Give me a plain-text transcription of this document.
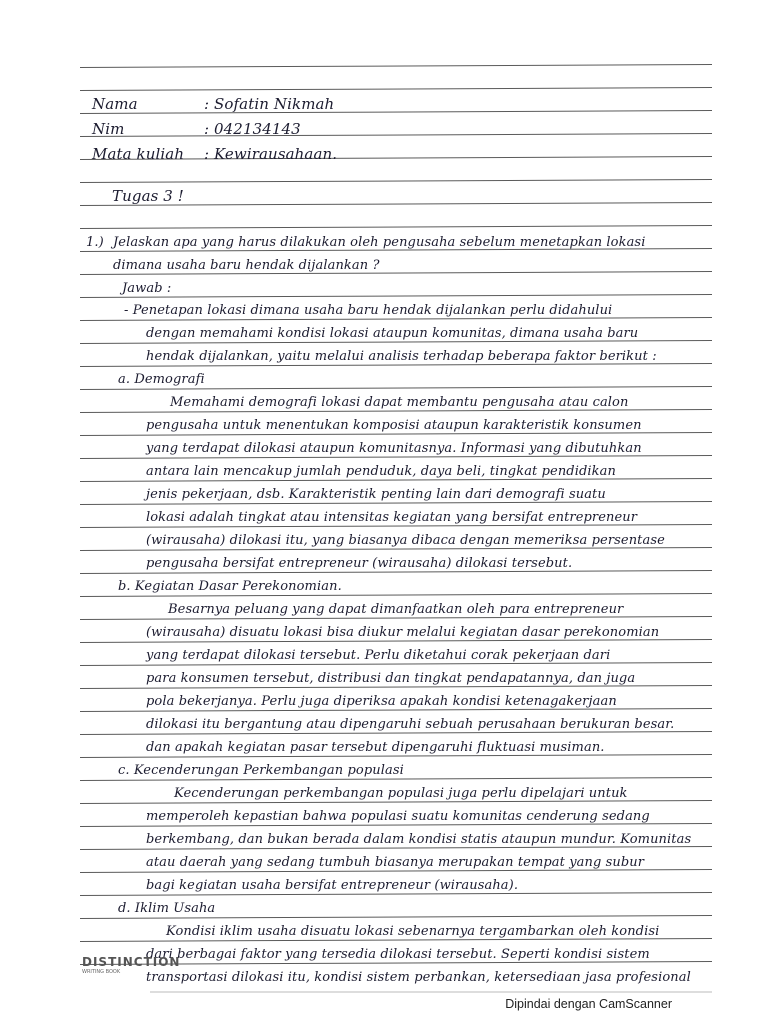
Nama	: Sofatin Nikmah
Nim	: 042134143
Mata kuliah : Kewirausahaan.
Tugas 3 !
1.) Jelaskan apa yang harus dilakukan oleh pengusaha sebelum menetapkan lokasi
dimana usaha baru hendak dijalankan ?
Jawab :
- Penetapan lokasi dimana usaha baru hendak dijalankan perlu didahului
dengan memahami kondisi lokasi ataupun komunitas, dimana usaha baru
hendak dijalankan, yaitu melalui analisis terhadap beberapa faktor berikut :
a. Demografi
Memahami demografi lokasi dapat membantu pengusaha atau calon
pengusaha untuk menentukan komposisi ataupun karakteristik konsumen
yang terdapat dilokasi ataupun komunitasnya. Informasi yang dibutuhkan
antara lain mencakup jumlah penduduk, daya beli, tingkat pendidikan
jenis pekerjaan, dsb. Karakteristik penting lain dari demografi suatu
lokasi adalah tingkat atau intensitas kegiatan yang bersifat entrepreneur
(wirausaha) dilokasi itu, yang biasanya dibaca dengan memeriksa persentase
pengusaha bersifat entrepreneur (wirausaha) dilokasi tersebut.
b. Kegiatan Dasar Perekonomian.
Besarnya peluang yang dapat dimanfaatkan oleh para entrepreneur
(wirausaha) disuatu lokasi bisa diukur melalui kegiatan dasar perekonomian
yang terdapat dilokasi tersebut. Perlu diketahui corak pekerjaan dari
para konsumen tersebut, distribusi dan tingkat pendapatannya, dan juga
pola bekerjanya. Perlu juga diperiksa apakah kondisi ketenagakerjaan
dilokasi itu bergantung atau dipengaruhi sebuah perusahaan berukuran besar.
dan apakah kegiatan pasar tersebut dipengaruhi fluktuasi musiman.
c. Kecenderungan Perkembangan populasi
Kecenderungan perkembangan populasi juga perlu dipelajari untuk
memperoleh kepastian bahwa populasi suatu komunitas cenderung sedang
berkembang, dan bukan berada dalam kondisi statis ataupun mundur. Komunitas
atau daerah yang sedang tumbuh biasanya merupakan tempat yang subur
bagi kegiatan usaha bersifat entrepreneur (wirausaha).
d. Iklim Usaha
Kondisi iklim usaha disuatu lokasi sebenarnya tergambarkan oleh kondisi
dari berbagai faktor yang tersedia dilokasi tersebut. Seperti kondisi sistem
transportasi dilokasi itu, kondisi sistem perbankan, ketersediaan jasa profesional
DISTINCTION
WRITING BOOK
Dipindai dengan CamScanner
